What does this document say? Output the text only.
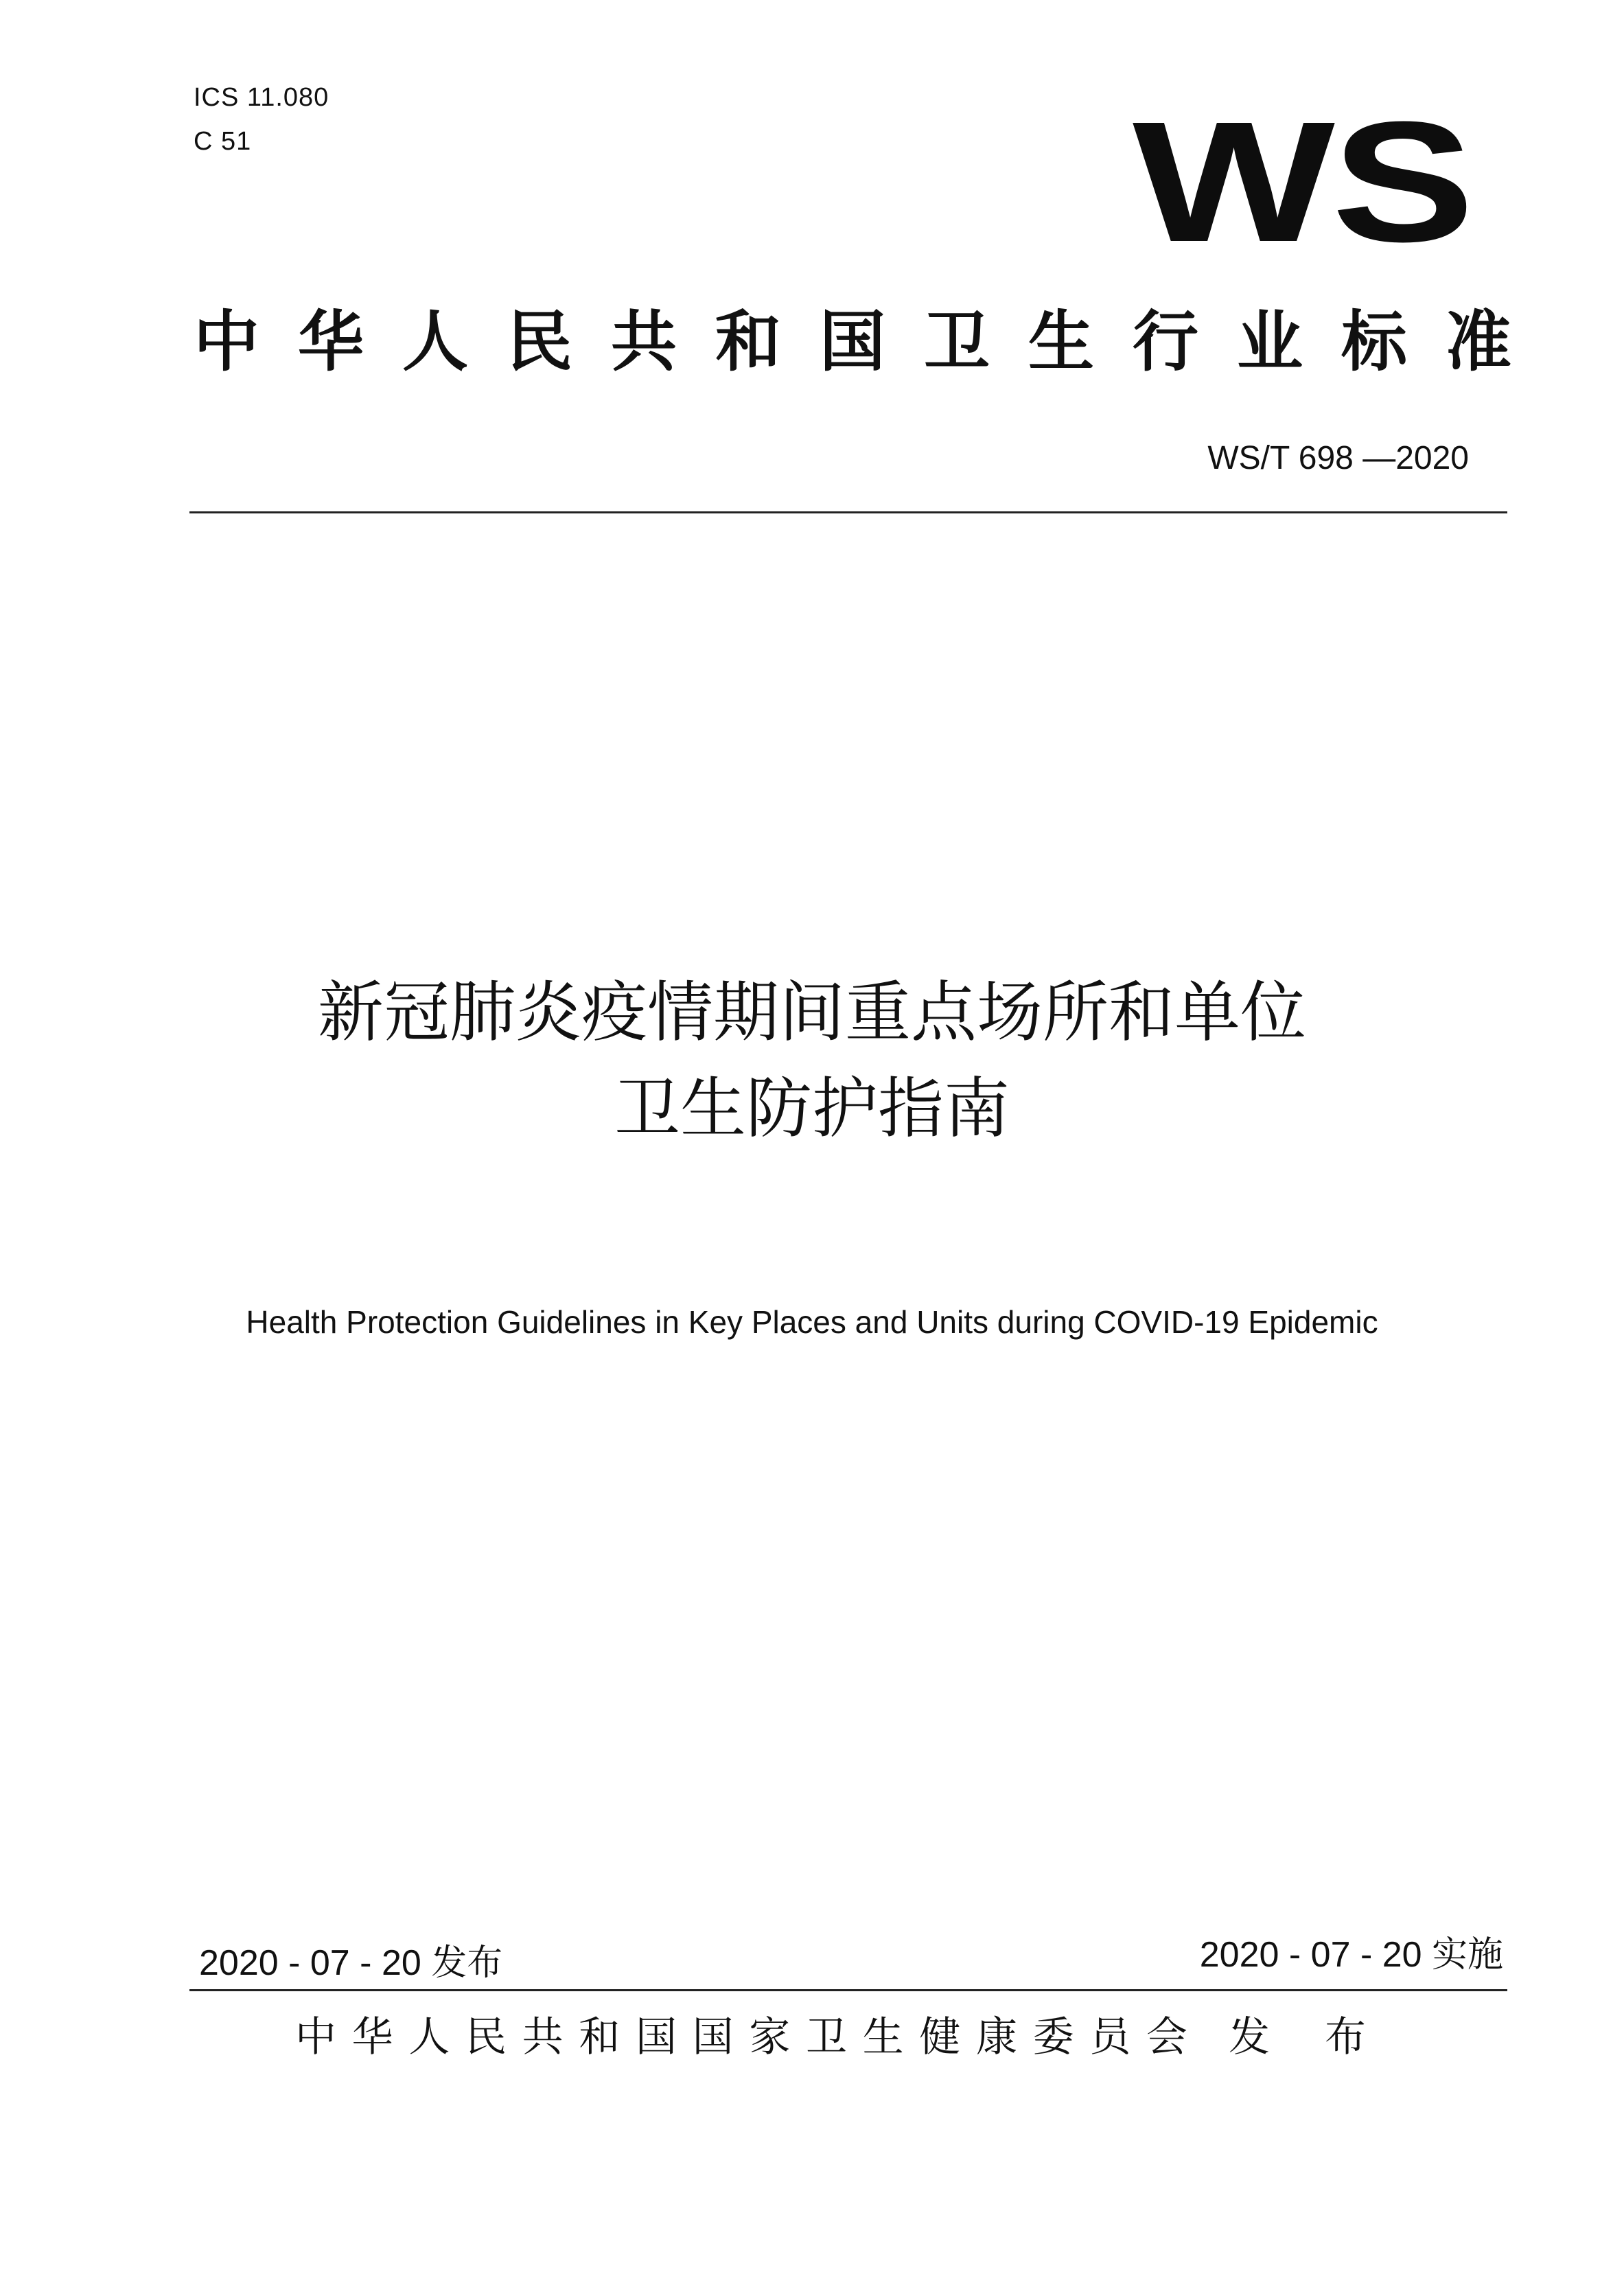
ICS 11.080
C 51	WS
中华人民共和国卫生行业标准
WS/T 698 —2020
新冠肺炎疫情期间重点场所和单位
卫生防护指南
Health Protection Guidelines in Key Places and Units during COVID-19 Epidemic
2020 - 07 - 20 发布	2020 - 07 - 20 实施
中华人民共和国国家卫生健康委员会 发布
